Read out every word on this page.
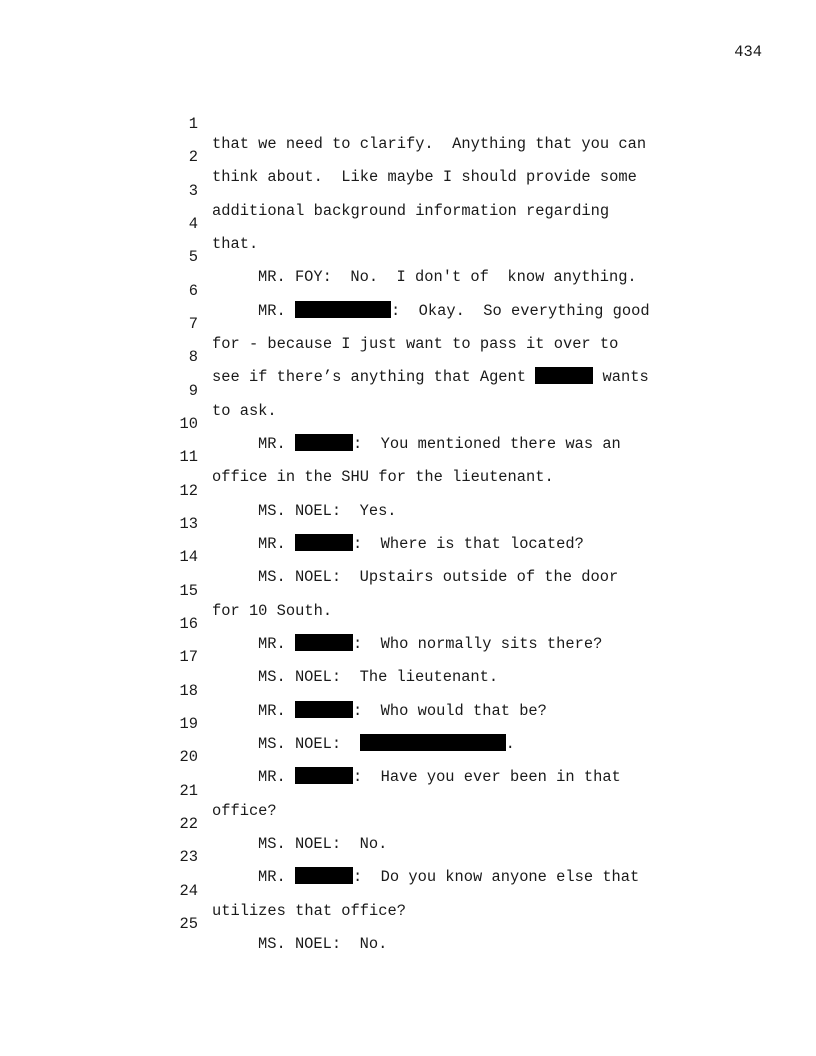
434

1

that we need to clarify.  Anything that you can

2

think about.  Like maybe I should provide some

3

additional background information regarding

4

that.

5

MR. FOY:  No.  I don't of  know anything.

6

MR.	:  Okay.  So everything good

7

for - because I just want to pass it over to

8

see if there’s anything that Agent	wants

9

to ask.

10

MR.	:  You mentioned there was an

11

office in the SHU for the lieutenant.

12

MS. NOEL:  Yes.

13

MR.	:  Where is that located?

14

MS. NOEL:  Upstairs outside of the door

15

for 10 South.

16

MR.	:  Who normally sits there?

17

MS. NOEL:  The lieutenant.

18

MR.	:  Who would that be?

19

MS. NOEL:	.

20

MR.	:  Have you ever been in that

21

office?

22

MS. NOEL:  No.

23

MR.	:  Do you know anyone else that

24

utilizes that office?

25

MS. NOEL:  No.
